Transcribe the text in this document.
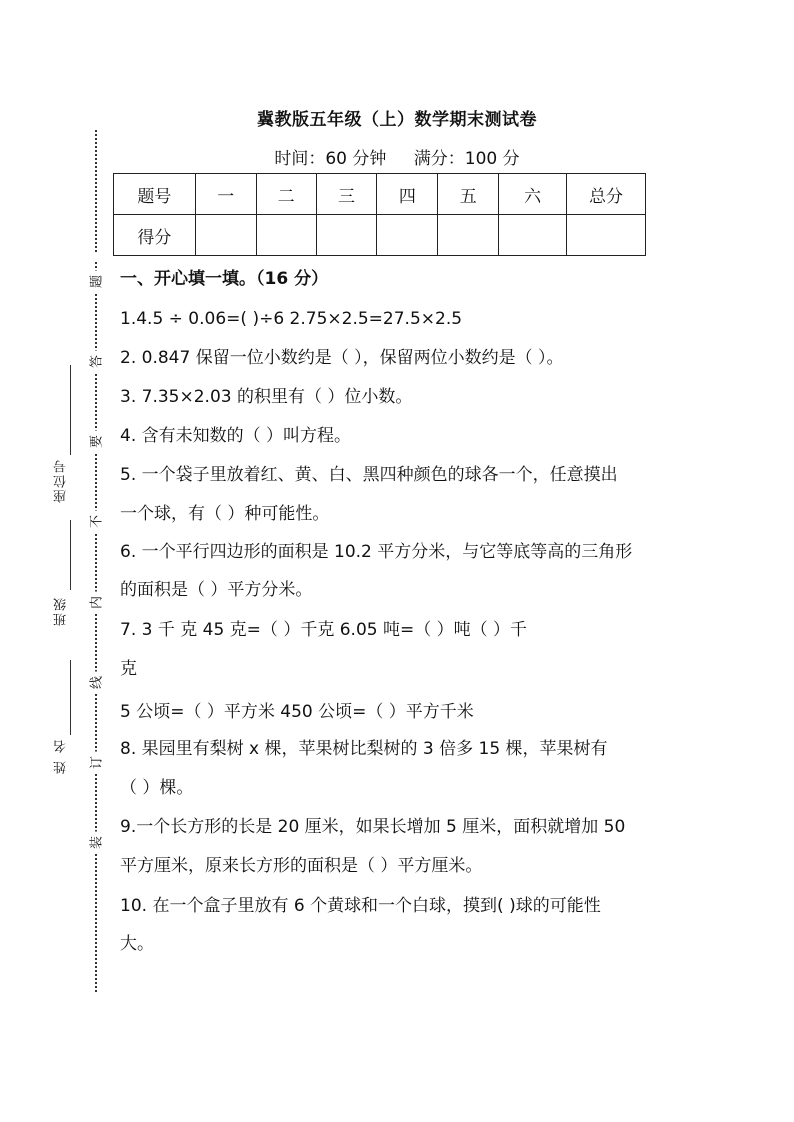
冀教版五年级（上）数学期末测试卷
时间：60 分钟 满分：100 分
题号	一	二	三	四	五	六	总分
得分							
题
答
要
不
内
线
订
装
座位号
班级
姓 名
一、开心填一填。（16 分）
1.4.5 ÷ 0.06=( )÷6 2.75×2.5=27.5×2.5
2. 0.847 保留一位小数约是（ ），保留两位小数约是（ ）。
3. 7.35×2.03 的积里有（ ）位小数。
4. 含有未知数的（ ）叫方程。
5. 一个袋子里放着红、黄、白、黑四种颜色的球各一个，任意摸出
一个球，有（ ）种可能性。
6. 一个平行四边形的面积是 10.2 平方分米，与它等底等高的三角形
的面积是（ ）平方分米。
7. 3 千 克 45 克=（ ）千克 6.05 吨=（ ）吨（ ）千
克
5 公顷=（ ）平方米 450 公顷=（ ）平方千米
8. 果园里有梨树 x 棵，苹果树比梨树的 3 倍多 15 棵，苹果树有
（ ）棵。
9.一个长方形的长是 20 厘米，如果长增加 5 厘米，面积就增加 50
平方厘米，原来长方形的面积是（ ）平方厘米。
10. 在一个盒子里放有 6 个黄球和一个白球，摸到( )球的可能性
大。
